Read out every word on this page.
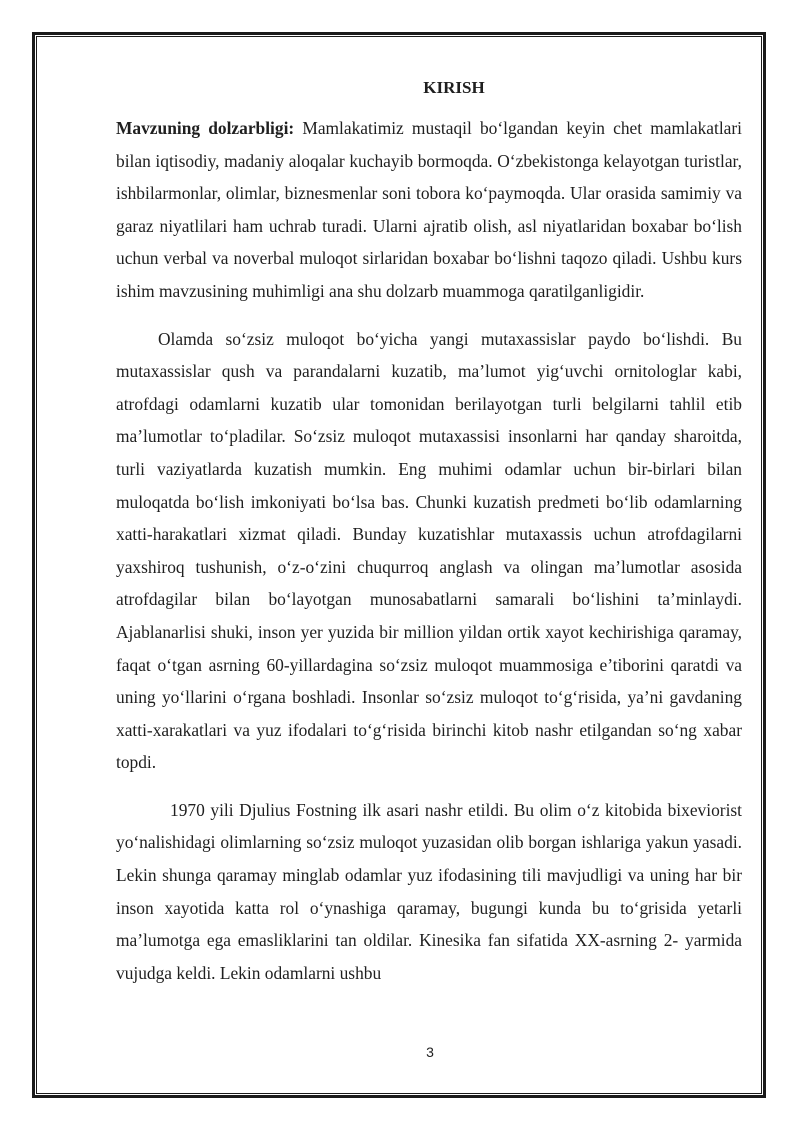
KIRISH

Mavzuning dolzarbligi: Mamlakatimiz mustaqil bo‘lgandan keyin chet mamlakatlari bilan iqtisodiy, madaniy aloqalar kuchayib bormoqda. O‘zbekistonga kelayotgan turistlar, ishbilarmonlar, olimlar, biznesmenlar soni tobora ko‘paymoqda. Ular orasida samimiy va garaz niyatlilari ham uchrab turadi. Ularni ajratib olish, asl niyatlaridan boxabar bo‘lish uchun verbal va noverbal muloqot sirlaridan boxabar bo‘lishni taqozo qiladi. Ushbu kurs ishim mavzusining muhimligi ana shu dolzarb muammoga qaratilganligidir.

Olamda so‘zsiz muloqot bo‘yicha yangi mutaxassislar paydo bo‘lishdi. Bu mutaxassislar qush va parandalarni kuzatib, ma’lumot yig‘uvchi ornitologlar kabi, atrofdagi odamlarni kuzatib ular tomonidan berilayotgan turli belgilarni tahlil etib ma’lumotlar to‘pladilar. So‘zsiz muloqot mutaxassisi insonlarni har qanday sharoitda, turli vaziyatlarda kuzatish mumkin. Eng muhimi odamlar uchun bir-birlari bilan muloqatda bo‘lish imkoniyati bo‘lsa bas. Chunki kuzatish predmeti bo‘lib odamlarning xatti-harakatlari xizmat qiladi. Bunday kuzatishlar mutaxassis uchun atrofdagilarni yaxshiroq tushunish, o‘z-o‘zini chuqurroq anglash va olingan ma’lumotlar asosida atrofdagilar bilan bo‘layotgan munosabatlarni samarali bo‘lishini ta’minlaydi. Ajablanarlisi shuki, inson yer yuzida bir million yildan ortik xayot kechirishiga qaramay, faqat o‘tgan asrning 60-yillardagina so‘zsiz muloqot muammosiga e’tiborini qaratdi va uning yo‘llarini o‘rgana boshladi. Insonlar so‘zsiz muloqot to‘g‘risida, ya’ni gavdaning xatti-xarakatlari va yuz ifodalari to‘g‘risida birinchi kitob nashr etilgandan so‘ng xabar topdi.

1970 yili Djulius Fostning ilk asari nashr etildi. Bu olim o‘z kitobida bixeviorist yo‘nalishidagi olimlarning so‘zsiz muloqot yuzasidan olib borgan ishlariga yakun yasadi. Lekin shunga qaramay minglab odamlar yuz ifodasining tili mavjudligi va uning har bir inson xayotida katta rol o‘ynashiga qaramay, bugungi kunda bu to‘grisida yetarli ma’lumotga ega emasliklarini tan oldilar. Kinesika fan sifatida XX-asrning 2- yarmida vujudga keldi. Lekin odamlarni ushbu

3
